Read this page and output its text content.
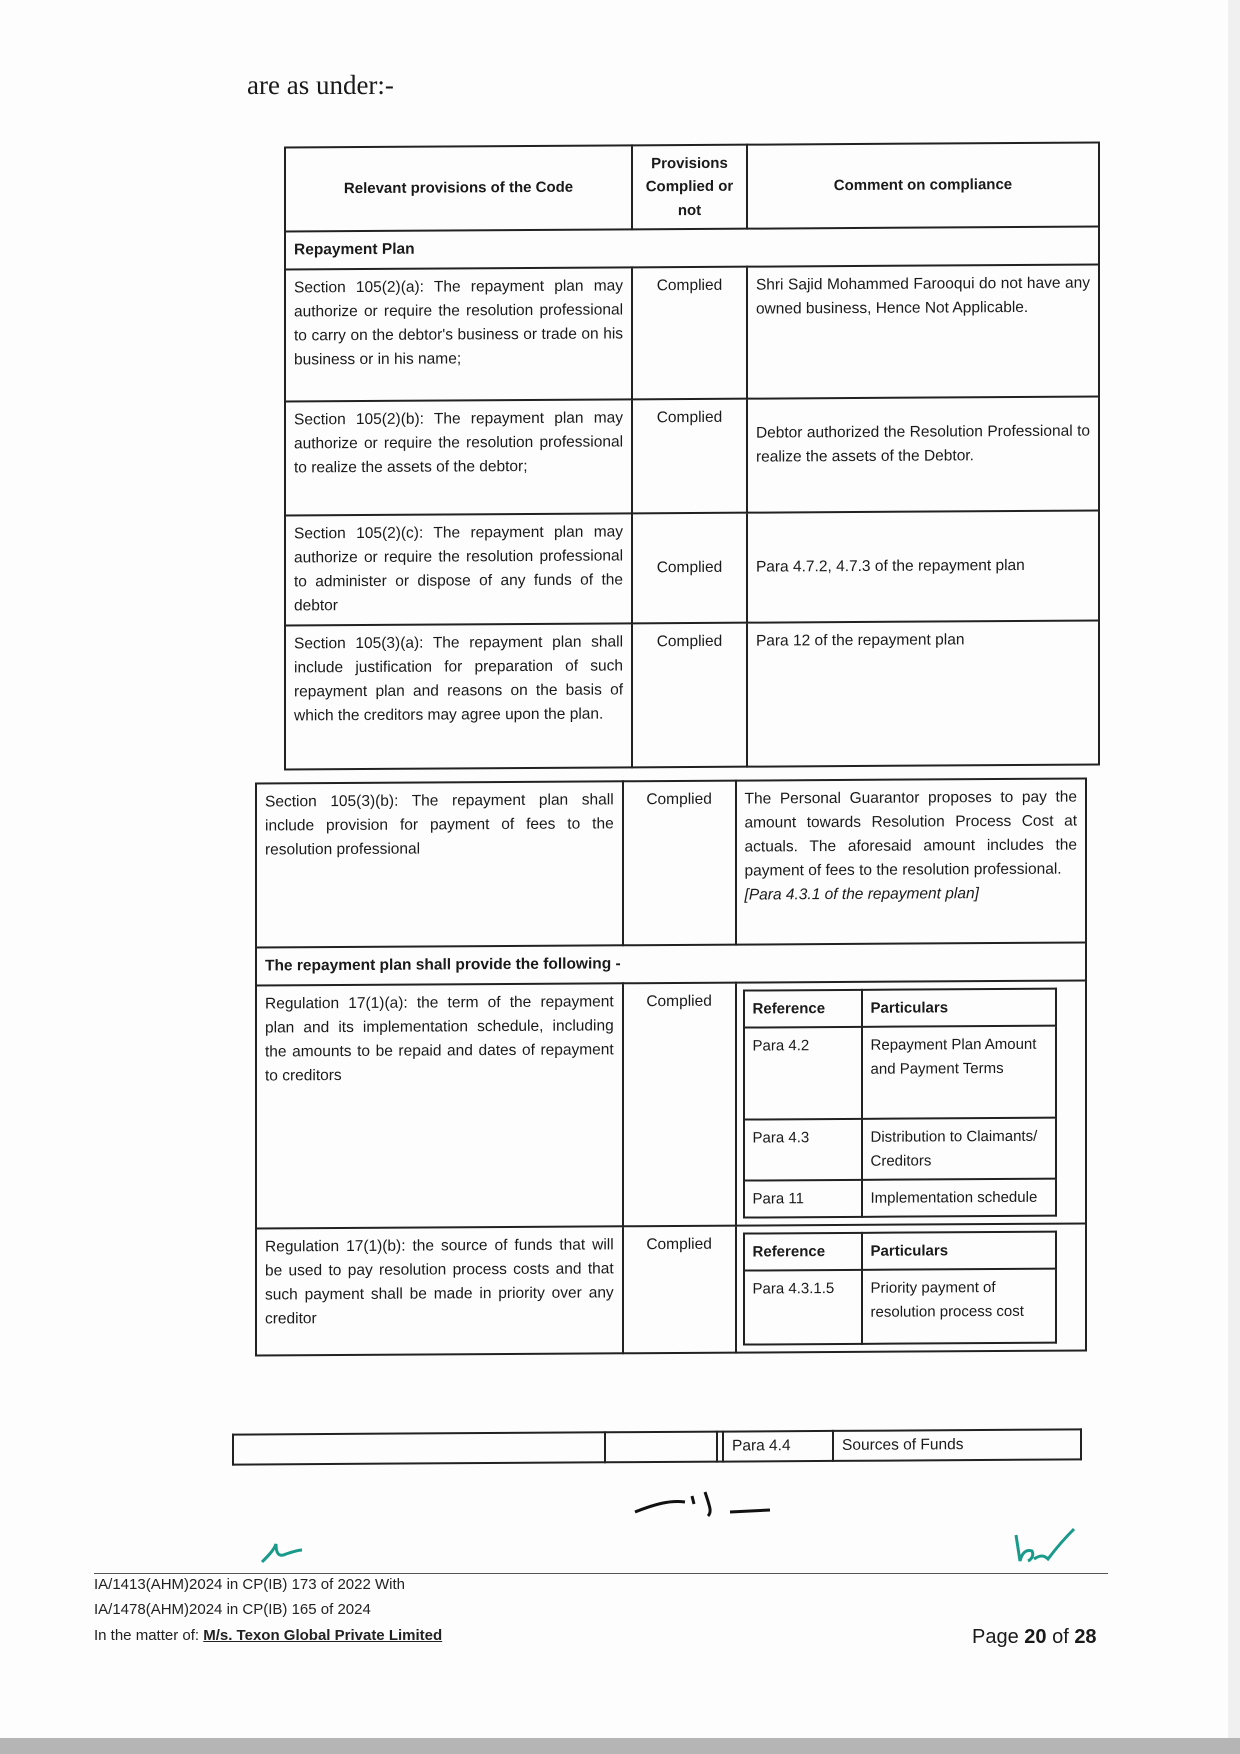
are as under:-
Relevant provisions of the Code	Provisions Complied or not	Comment on compliance
Repayment Plan		
Section 105(2)(a): The repayment plan may authorize or require the resolution professional to carry on the debtor's business or trade on his business or in his name;	Complied	Shri Sajid Mohammed Farooqui do not have any owned business, Hence Not Applicable.
Section 105(2)(b): The repayment plan may authorize or require the resolution professional to realize the assets of the debtor;	Complied	Debtor authorized the Resolution Professional to realize the assets of the Debtor.
Section 105(2)(c): The repayment plan may authorize or require the resolution professional to administer or dispose of any funds of the debtor	Complied	Para 4.7.2, 4.7.3 of the repayment plan
Section 105(3)(a): The repayment plan shall include justification for preparation of such repayment plan and reasons on the basis of which the creditors may agree upon the plan.	Complied	Para 12 of the repayment plan
Section 105(3)(b): The repayment plan shall include provision for payment of fees to the resolution professional	Complied	The Personal Guarantor proposes to pay the amount towards Resolution Process Cost at actuals. The aforesaid amount includes the payment of fees to the resolution professional.
[Para 4.3.1 of the repayment plan]

The repayment plan shall provide the following -
Regulation 17(1)(a): the term of the repayment plan and its implementation schedule, including the amounts to be repaid and dates of repayment to creditors	Complied		Reference	Particulars
Para 4.2	Repayment Plan Amount and Payment Terms
Para 4.3	Distribution to Claimants/ Creditors
Para 11	Implementation schedule

Regulation 17(1)(b): the source of funds that will be used to pay resolution process costs and that such payment shall be made in priority over any creditor	Complied		Reference	Particulars
Para 4.3.1.5	Priority payment of resolution process cost
			Para 4.4	Sources of Funds
IA/1413(AHM)2024 in CP(IB) 173 of 2022 With
IA/1478(AHM)2024 in CP(IB) 165 of 2024
In the matter of: M/s. Texon Global Private Limited	Page 20 of 28
